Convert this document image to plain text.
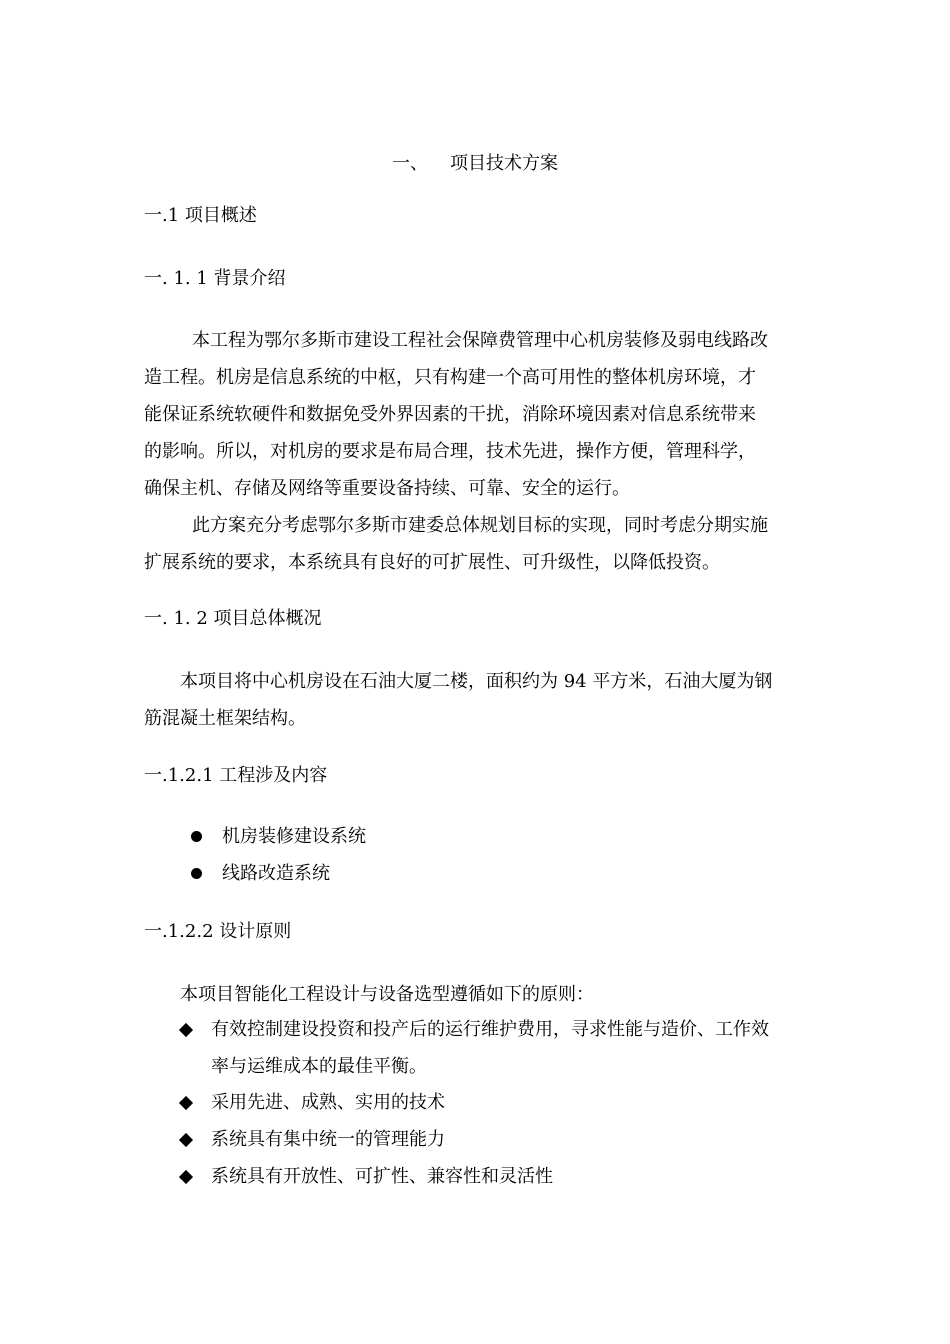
一、 项目技术方案
一.1 项目概述
一. 1. 1 背景介绍
本工程为鄂尔多斯市建设工程社会保障费管理中心机房装修及弱电线路改
造工程。机房是信息系统的中枢，只有构建一个高可用性的整体机房环境，才
能保证系统软硬件和数据免受外界因素的干扰，消除环境因素对信息系统带来
的影响。所以，对机房的要求是布局合理，技术先进，操作方便，管理科学，
确保主机、存储及网络等重要设备持续、可靠、安全的运行。
此方案充分考虑鄂尔多斯市建委总体规划目标的实现，同时考虑分期实施
扩展系统的要求，本系统具有良好的可扩展性、可升级性，以降低投资。
一. 1. 2 项目总体概况
本项目将中心机房设在石油大厦二楼，面积约为 94 平方米，石油大厦为钢
筋混凝土框架结构。
一.1.2.1 工程涉及内容
机房装修建设系统
线路改造系统
一.1.2.2 设计原则
本项目智能化工程设计与设备选型遵循如下的原则：
有效控制建设投资和投产后的运行维护费用，寻求性能与造价、工作效
率与运维成本的最佳平衡。
采用先进、成熟、实用的技术
系统具有集中统一的管理能力
系统具有开放性、可扩性、兼容性和灵活性
